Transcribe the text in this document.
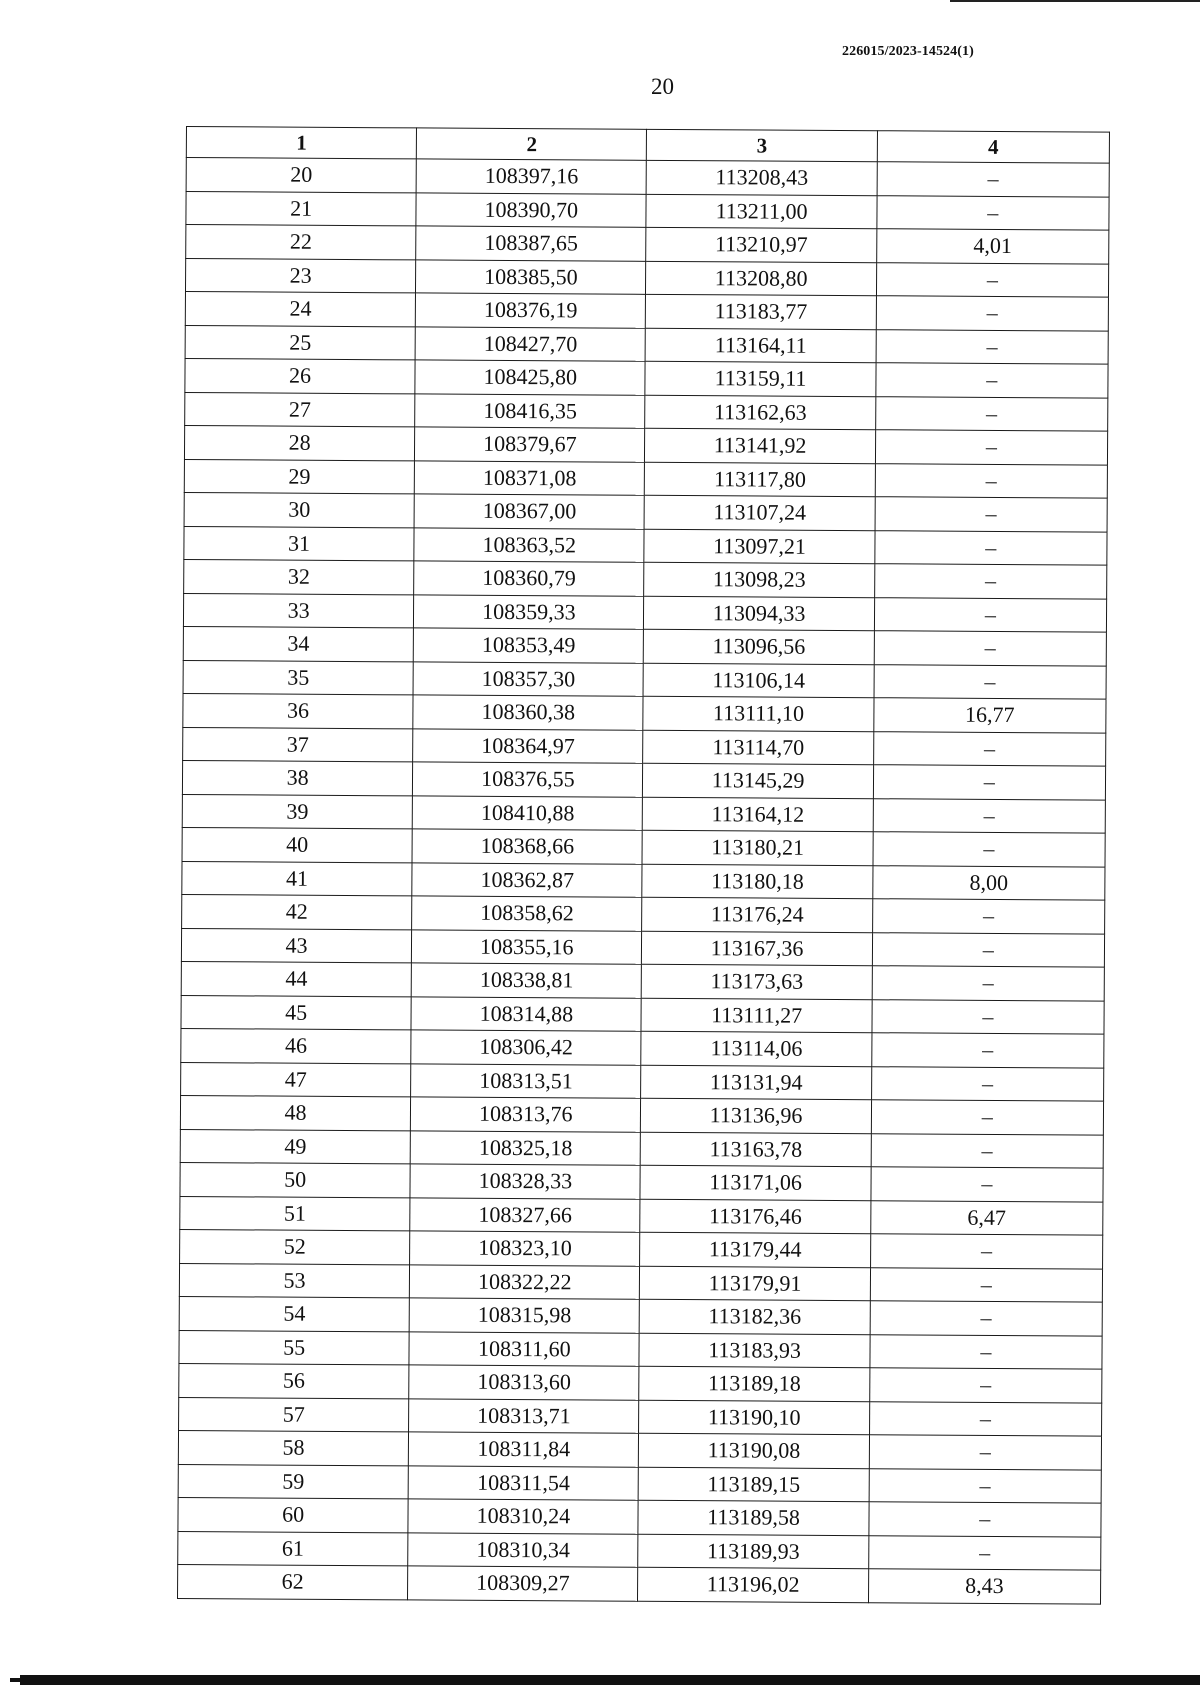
226015/2023-14524(1)
20
1	2	3	4
20	108397,16	113208,43	–
21	108390,70	113211,00	–
22	108387,65	113210,97	4,01
23	108385,50	113208,80	–
24	108376,19	113183,77	–
25	108427,70	113164,11	–
26	108425,80	113159,11	–
27	108416,35	113162,63	–
28	108379,67	113141,92	–
29	108371,08	113117,80	–
30	108367,00	113107,24	–
31	108363,52	113097,21	–
32	108360,79	113098,23	–
33	108359,33	113094,33	–
34	108353,49	113096,56	–
35	108357,30	113106,14	–
36	108360,38	113111,10	16,77
37	108364,97	113114,70	–
38	108376,55	113145,29	–
39	108410,88	113164,12	–
40	108368,66	113180,21	–
41	108362,87	113180,18	8,00
42	108358,62	113176,24	–
43	108355,16	113167,36	–
44	108338,81	113173,63	–
45	108314,88	113111,27	–
46	108306,42	113114,06	–
47	108313,51	113131,94	–
48	108313,76	113136,96	–
49	108325,18	113163,78	–
50	108328,33	113171,06	–
51	108327,66	113176,46	6,47
52	108323,10	113179,44	–
53	108322,22	113179,91	–
54	108315,98	113182,36	–
55	108311,60	113183,93	–
56	108313,60	113189,18	–
57	108313,71	113190,10	–
58	108311,84	113190,08	–
59	108311,54	113189,15	–
60	108310,24	113189,58	–
61	108310,34	113189,93	–
62	108309,27	113196,02	8,43
